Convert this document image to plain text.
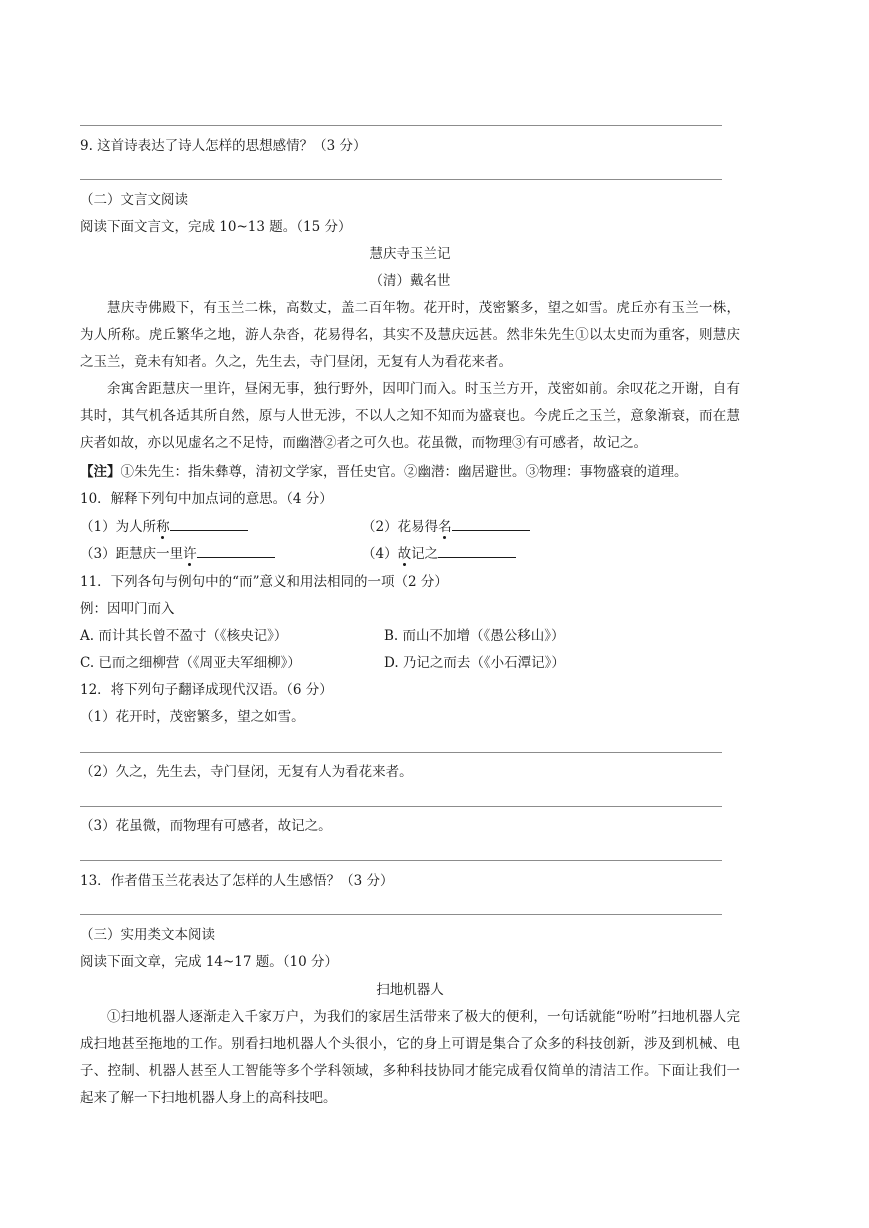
9. 这首诗表达了诗人怎样的思想感情？（3 分）
（二）文言文阅读
阅读下面文言文，完成 10~13 题。（15 分）
慧庆寺玉兰记
（清）戴名世
慧庆寺佛殿下，有玉兰二株，高数丈，盖二百年物。花开时，茂密繁多，望之如雪。虎丘亦有玉兰一株，为人所称。虎丘繁华之地，游人杂沓，花易得名，其实不及慧庆远甚。然非朱先生①以太史而为重客，则慧庆之玉兰，竟未有知者。久之，先生去，寺门昼闭，无复有人为看花来者。
余寓舍距慧庆一里许，昼闲无事，独行野外，因叩门而入。时玉兰方开，茂密如前。余叹花之开谢，自有其时，其气机各适其所自然，原与人世无涉，不以人之知不知而为盛衰也。今虎丘之玉兰，意象渐衰，而在慧庆者如故，亦以见虚名之不足恃，而幽潜②者之可久也。花虽微，而物理③有可感者，故记之。
【注】①朱先生：指朱彝尊，清初文学家，晋任史官。②幽潜：幽居避世。③物理：事物盛衰的道理。
10．解释下列句中加点词的意思。（4 分）
（1）为人所称	（2）花易得名
（3）距慧庆一里许	（4）故记之
11．下列各句与例句中的“而”意义和用法相同的一项（2 分）
例：因叩门而入
A. 而计其长曾不盈寸（《核央记》）	B. 而山不加增（《愚公移山》）
C. 已而之细柳营（《周亚夫军细柳》）	D. 乃记之而去（《小石潭记》）
12．将下列句子翻译成现代汉语。（6 分）
（1）花开时，茂密繁多，望之如雪。
（2）久之，先生去，寺门昼闭，无复有人为看花来者。
（3）花虽微，而物理有可感者，故记之。
13．作者借玉兰花表达了怎样的人生感悟？（3 分）
（三）实用类文本阅读
阅读下面文章，完成 14~17 题。（10 分）
扫地机器人
①扫地机器人逐渐走入千家万户，为我们的家居生活带来了极大的便利，一句话就能“吩咐”扫地机器人完成扫地甚至拖地的工作。别看扫地机器人个头很小，它的身上可谓是集合了众多的科技创新，涉及到机械、电子、控制、机器人甚至人工智能等多个学科领域，多种科技协同才能完成看仅简单的清洁工作。下面让我们一起来了解一下扫地机器人身上的高科技吧。
